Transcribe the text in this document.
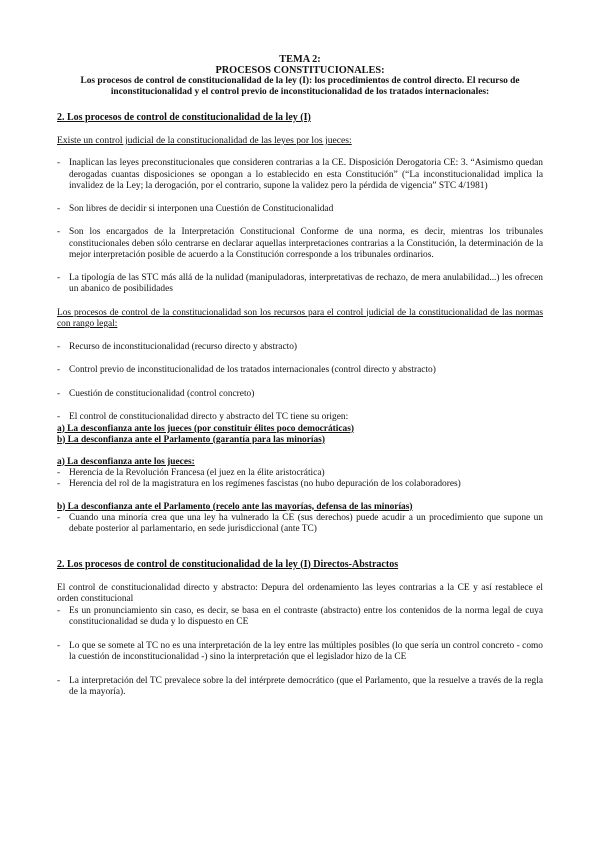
TEMA 2:
PROCESOS CONSTITUCIONALES:
Los procesos de control de constitucionalidad de la ley (I): los procedimientos de control directo. El recurso de inconstitucionalidad y el control previo de inconstitucionalidad de los tratados internacionales:
2. Los procesos de control de constitucionalidad de la ley (I)
Existe un control judicial de la constitucionalidad de las leyes por los jueces:
- Inaplican las leyes preconstitucionales que consideren contrarias a la CE. Disposición Derogatoria CE: 3. “Asimismo quedan derogadas cuantas disposiciones se opongan a lo establecido en esta Constitución” (“La inconstitucionalidad implica la invalidez de la Ley; la derogación, por el contrario, supone la validez pero la pérdida de vigencia” STC 4/1981)
- Son libres de decidir si interponen una Cuestión de Constitucionalidad
- Son los encargados de la Interpretación Constitucional Conforme de una norma, es decir, mientras los tribunales constitucionales deben sólo centrarse en declarar aquellas interpretaciones contrarias a la Constitución, la determinación de la mejor interpretación posible de acuerdo a la Constitución corresponde a los tribunales ordinarios.
- La tipología de las STC más allá de la nulidad (manipuladoras, interpretativas de rechazo, de mera anulabilidad...) les ofrecen un abanico de posibilidades
Los procesos de control de la constitucionalidad son los recursos para el control judicial de la constitucionalidad de las normas con rango legal:
- Recurso de inconstitucionalidad (recurso directo y abstracto)
- Control previo de inconstitucionalidad de los tratados internacionales (control directo y abstracto)
- Cuestión de constitucionalidad (control concreto)
- El control de constitucionalidad directo y abstracto del TC tiene su origen:
a) La desconfianza ante los jueces (por constituir élites poco democráticas)
b) La desconfianza ante el Parlamento (garantía para las minorías)
a) La desconfianza ante los jueces:
- Herencia de la Revolución Francesa (el juez en la élite aristocrática)
- Herencia del rol de la magistratura en los regímenes fascistas (no hubo depuración de los colaboradores)
b) La desconfianza ante el Parlamento (recelo ante las mayorías, defensa de las minorías)
- Cuando una minoría crea que una ley ha vulnerado la CE (sus derechos) puede acudir a un procedimiento que supone un debate posterior al parlamentario, en sede jurisdiccional (ante TC)
2. Los procesos de control de constitucionalidad de la ley (I) Directos-Abstractos
El control de constitucionalidad directo y abstracto: Depura del ordenamiento las leyes contrarias a la CE y así restablece el orden constitucional
- Es un pronunciamiento sin caso, es decir, se basa en el contraste (abstracto) entre los contenidos de la norma legal de cuya constitucionalidad se duda y lo dispuesto en CE
- Lo que se somete al TC no es una interpretación de la ley entre las múltiples posibles (lo que sería un control concreto - como la cuestión de inconstitucionalidad -) sino la interpretación que el legislador hizo de la CE
- La interpretación del TC prevalece sobre la del intérprete democrático (que el Parlamento, que la resuelve a través de la regla de la mayoría).
